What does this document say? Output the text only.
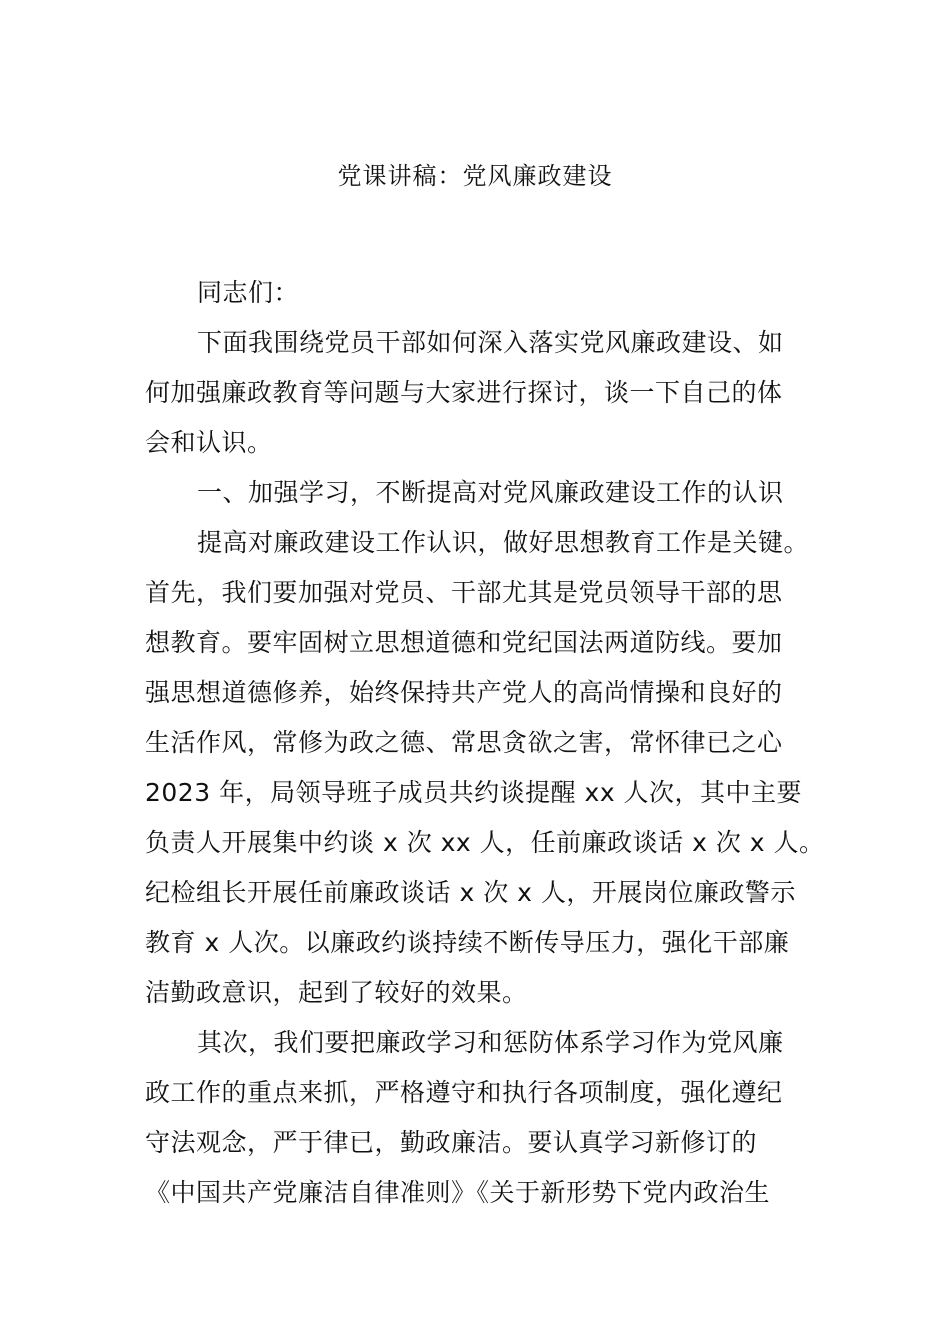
党课讲稿：党风廉政建设
同志们：
下面我围绕党员干部如何深入落实党风廉政建设、如
何加强廉政教育等问题与大家进行探讨，谈一下自己的体
会和认识。
一、加强学习，不断提高对党风廉政建设工作的认识
提高对廉政建设工作认识，做好思想教育工作是关键。
首先，我们要加强对党员、干部尤其是党员领导干部的思
想教育。要牢固树立思想道德和党纪国法两道防线。要加
强思想道德修养，始终保持共产党人的高尚情操和良好的
生活作风，常修为政之德、常思贪欲之害，常怀律已之心
2023 年，局领导班子成员共约谈提醒 xx 人次，其中主要
负责人开展集中约谈 x 次 xx 人，任前廉政谈话 x 次 x 人。
纪检组长开展任前廉政谈话 x 次 x 人，开展岗位廉政警示
教育 x 人次。以廉政约谈持续不断传导压力，强化干部廉
洁勤政意识，起到了较好的效果。
其次，我们要把廉政学习和惩防体系学习作为党风廉
政工作的重点来抓，严格遵守和执行各项制度，强化遵纪
守法观念，严于律已，勤政廉洁。要认真学习新修订的
《中国共产党廉洁自律准则》《关于新形势下党内政治生
